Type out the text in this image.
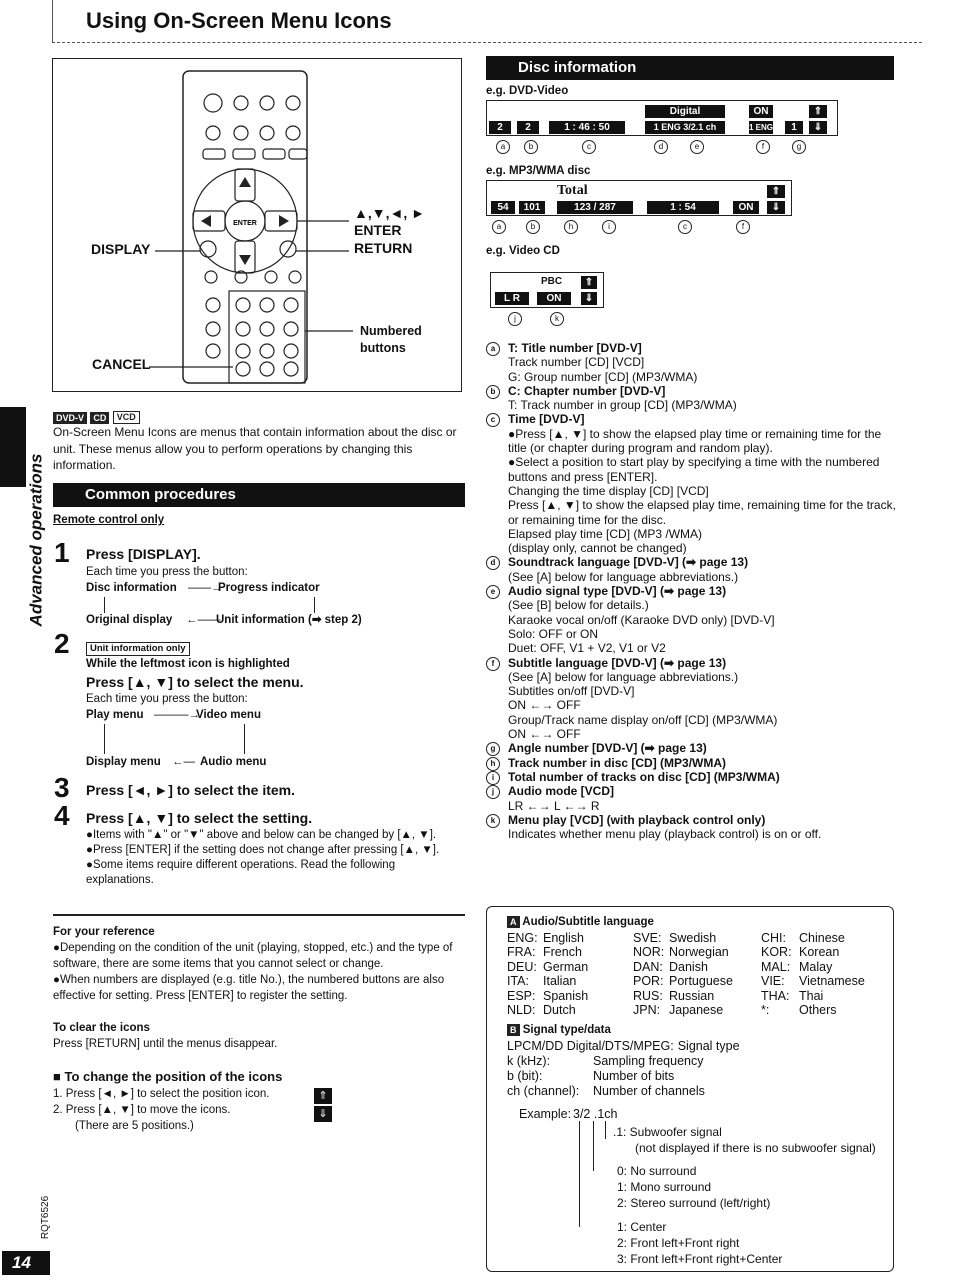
Using On-Screen Menu Icons
Advanced operations
ENTER
DISPLAY
CANCEL
▲,▼,◄, ►
ENTER
RETURN
Numbered buttons
DVD-V CD VCD
On-Screen Menu Icons are menus that contain information about the disc or unit. These menus allow you to perform operations by changing this information.
Common procedures
Remote control only
1 Press [DISPLAY].
Each time you press the button:
Disc information ——→
Progress indicator
Original display ←——
Unit information (➡ step 2)
2	Unit information only
While the leftmost icon is highlighted
Press [▲, ▼] to select the menu.
Each time you press the button:
Play menu ———→
Video menu
Display menu ←— Audio menu
3 Press [◄, ►] to select the item.
4 Press [▲, ▼] to select the setting.
●Items with "▲" or "▼" above and below can be changed by [▲, ▼].
●Press [ENTER] if the setting does not change after pressing [▲, ▼].
●Some items require different operations. Read the following explanations.
For your reference
●Depending on the condition of the unit (playing, stopped, etc.) and the type of software, there are some items that you cannot select or change.
●When numbers are displayed (e.g. title No.), the numbered buttons are also effective for setting. Press [ENTER] to register the setting.
To clear the icons
Press [RETURN] until the menus disappear.
■ To change the position of the icons
1. Press [◄, ►] to select the position icon.
2. Press [▲, ▼] to move the icons.
(There are 5 positions.)
⇑
⇓
RQT6526
14
Disc information
e.g. DVD-Video
2	2	1 : 46 : 50
Digital
1 ENG 3/2.1 ch
ON
1 ENG	1
⇑
⇓
a	b	c	d	e	f	g
e.g. MP3/WMA disc
54	101
Total
123 / 287	1 : 54	ON
⇑
⇓
a	b	h	i	c	f
e.g. Video CD
PBC
L R	ON
⇑
⇓
j	k
a	T: Title number [DVD-V]
Track number [CD] [VCD]
G: Group number [CD] (MP3/WMA)
b	C: Chapter number [DVD-V]
T: Track number in group [CD] (MP3/WMA)
c	Time [DVD-V]
●Press [▲, ▼] to show the elapsed play time or remaining time for the title (or chapter during program and random play).
●Select a position to start play by specifying a time with the numbered buttons and press [ENTER].
Changing the time display [CD] [VCD]
Press [▲, ▼] to show the elapsed play time, remaining time for the track, or remaining time for the disc.
Elapsed play time [CD] (MP3 /WMA)
(display only, cannot be changed)
d	Soundtrack language [DVD-V] (➡ page 13)
(See [A] below for language abbreviations.)
e	Audio signal type [DVD-V] (➡ page 13)
(See [B] below for details.)
Karaoke vocal on/off (Karaoke DVD only) [DVD-V]
Solo: OFF or ON
Duet: OFF, V1 + V2, V1 or V2
f	Subtitle language [DVD-V] (➡ page 13)
(See [A] below for language abbreviations.)
Subtitles on/off [DVD-V]
ON ←→ OFF
Group/Track name display on/off [CD] (MP3/WMA)
ON ←→ OFF
g	Angle number [DVD-V] (➡ page 13)
h	Track number in disc [CD] (MP3/WMA)
i	Total number of tracks on disc [CD] (MP3/WMA)
j	Audio mode [VCD]
LR ←→ L ←→ R
k	Menu play [VCD] (with playback control only)
Indicates whether menu play (playback control) is on or off.
A Audio/Subtitle language
ENG: English	SVE: Swedish	CHI:	Chinese
FRA: French	NOR: Norwegian	KOR: Korean
DEU: German	DAN: Danish	MAL: Malay
ITA:	Italian	POR: Portuguese	VIE:	Vietnamese
ESP: Spanish	RUS: Russian	THA: Thai
NLD: Dutch	JPN: Japanese	*:	Others
B Signal type/data
LPCM/DD Digital/DTS/MPEG: Signal type
k (kHz):	Sampling frequency
b (bit):	Number of bits
ch (channel):	Number of channels
Example: 3/2 .1ch
.1: Subwoofer signal
(not displayed if there is no subwoofer signal)
0: No surround
1: Mono surround
2: Stereo surround (left/right)
1: Center
2: Front left+Front right
3: Front left+Front right+Center
